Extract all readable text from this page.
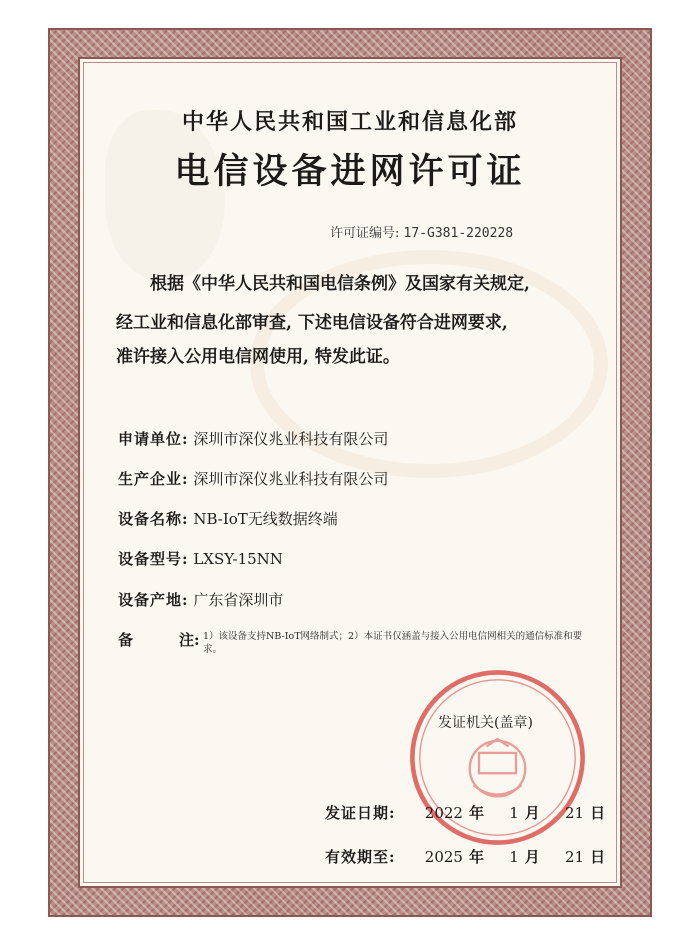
中华人民共和国工业和信息化部
电信设备进网许可证
许可证编号: 17-G381-220228
根据《中华人民共和国电信条例》及国家有关规定,
经工业和信息化部审查, 下述电信设备符合进网要求,
准许接入公用电信网使用, 特发此证。
申请单位: 深圳市深仪兆业科技有限公司
生产企业: 深圳市深仪兆业科技有限公司
设备名称: NB-IoT无线数据终端
设备型号: LXSY-15NN
设备产地: 广东省深圳市
备	注: 1）该设备支持NB-IoT网络制式；2）本证书仅涵盖与接入公用电信网相关的通信标准和要求。
发证机关(盖章)
发证日期: 2022 年 1 月 21 日
有效期至: 2025 年 1 月 21 日
